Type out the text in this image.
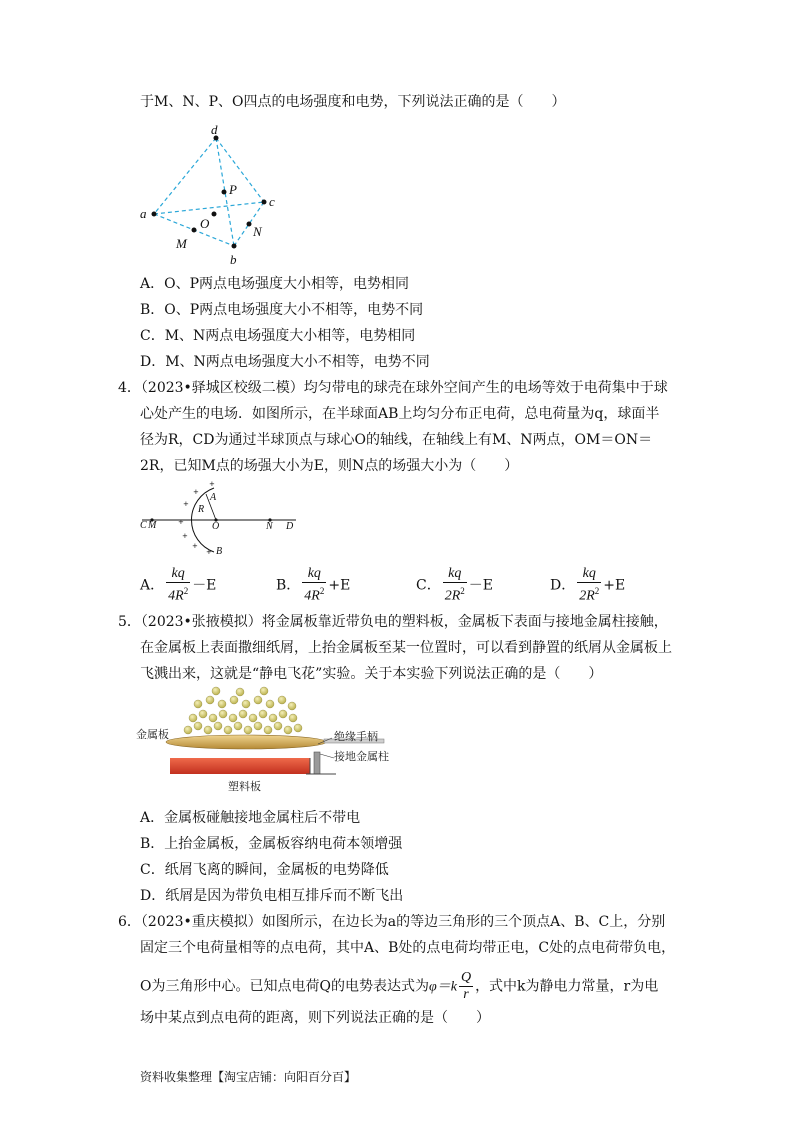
于M、N、P、O四点的电场强度和电势，下列说法正确的是（　　）
d
a
b
c
P
O
M
N
A．O、P两点电场强度大小相等，电势相同
B．O、P两点电场强度大小不相等，电势不同
C．M、N两点电场强度大小相等，电势相同
D．M、N两点电场强度大小不相等，电势不同
4．（2023•驿城区校级二模）均匀带电的球壳在球外空间产生的电场等效于电荷集中于球
心处产生的电场．如图所示，在半球面AB上均匀分布正电荷，总电荷量为q，球面半
径为R，CD为通过半球顶点与球心O的轴线，在轴线上有M、N两点，OM＝ON＝
2R，已知M点的场强大小为E，则N点的场强大小为（　　）
+
+
+
+
+
+
+
A
B
R
C M	O	N D
A． $\frac{kq}{4R^2} -E$	B． $\frac{kq}{4R^2} +E$	C． $\frac{kq}{2R^2} -E$	D． $\frac{kq}{2R^2} +E$
5．（2023•张掖模拟）将金属板靠近带负电的塑料板，金属板下表面与接地金属柱接触，
在金属板上表面撒细纸屑，上抬金属板至某一位置时，可以看到静置的纸屑从金属板上
飞溅出来，这就是“静电飞花”实验。关于本实验下列说法正确的是（　　）
金属板	绝缘手柄
接地金属柱
塑料板
A．金属板碰触接地金属柱后不带电
B．上抬金属板，金属板容纳电荷本领增强
C．纸屑飞离的瞬间，金属板的电势降低
D．纸屑是因为带负电相互排斥而不断飞出
6．（2023•重庆模拟）如图所示，在边长为a的等边三角形的三个顶点A、B、C上，分别
固定三个电荷量相等的点电荷，其中A、B处的点电荷均带正电，C处的点电荷带负电，
O为三角形中心。已知点电荷Q的电势表达式为$\varphi=k \frac{Q}{r}$ ，式中k为静电力常量，r为电
场中某点到点电荷的距离，则下列说法正确的是（　　）
资料收集整理【淘宝店铺：向阳百分百】
